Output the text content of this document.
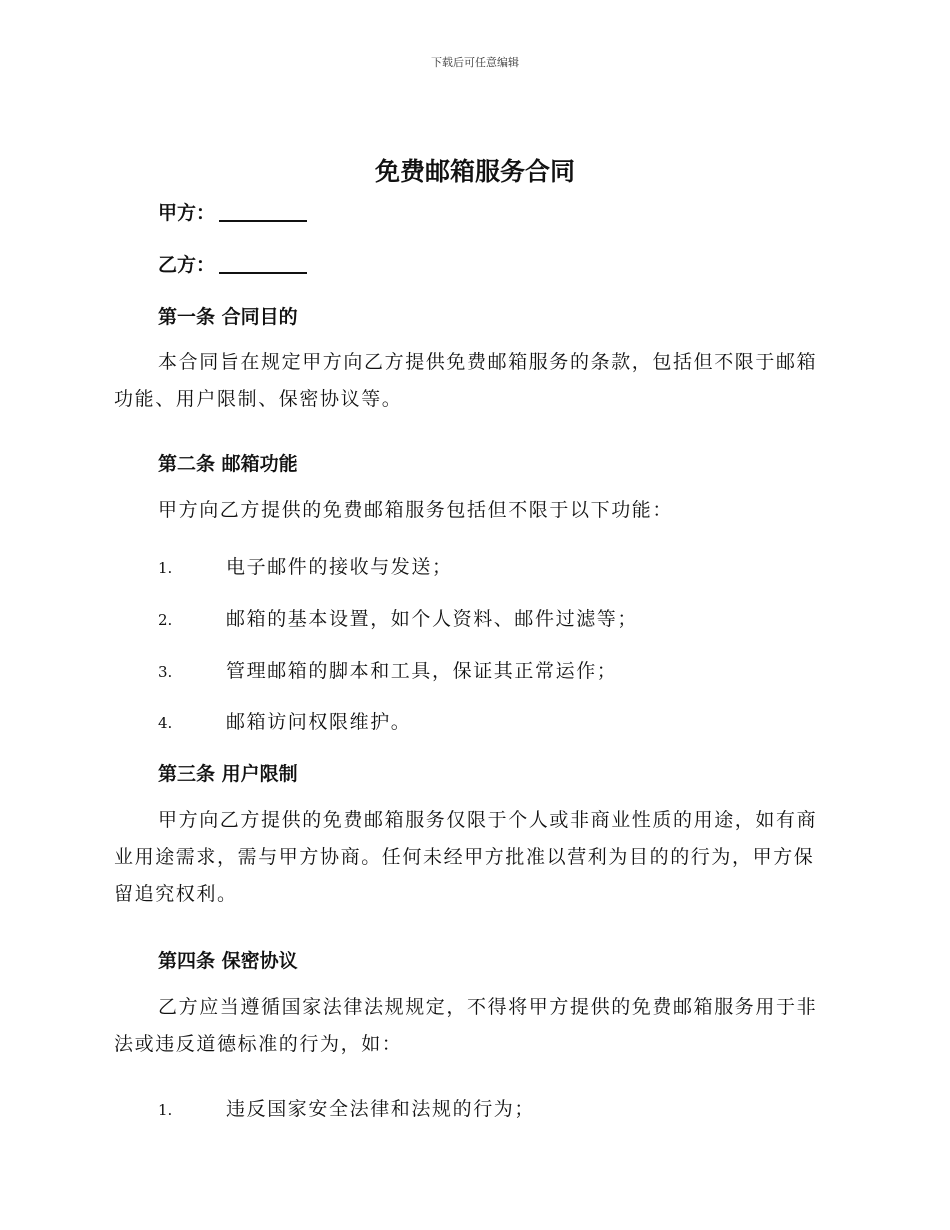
下载后可任意编辑
免费邮箱服务合同
甲方：
乙方：
第一条 合同目的

本合同旨在规定甲方向乙方提供免费邮箱服务的条款，包括但不限于邮箱功能、用户限制、保密协议等。

第二条 邮箱功能

甲方向乙方提供的免费邮箱服务包括但不限于以下功能：

1.	电子邮件的接收与发送；
2.	邮箱的基本设置，如个人资料、邮件过滤等；
3.	管理邮箱的脚本和工具，保证其正常运作；
4.	邮箱访问权限维护。
第三条 用户限制

甲方向乙方提供的免费邮箱服务仅限于个人或非商业性质的用途，如有商业用途需求，需与甲方协商。任何未经甲方批准以营利为目的的行为，甲方保留追究权利。

第四条 保密协议

乙方应当遵循国家法律法规规定，不得将甲方提供的免费邮箱服务用于非法或违反道德标准的行为，如：

1.	违反国家安全法律和法规的行为；
